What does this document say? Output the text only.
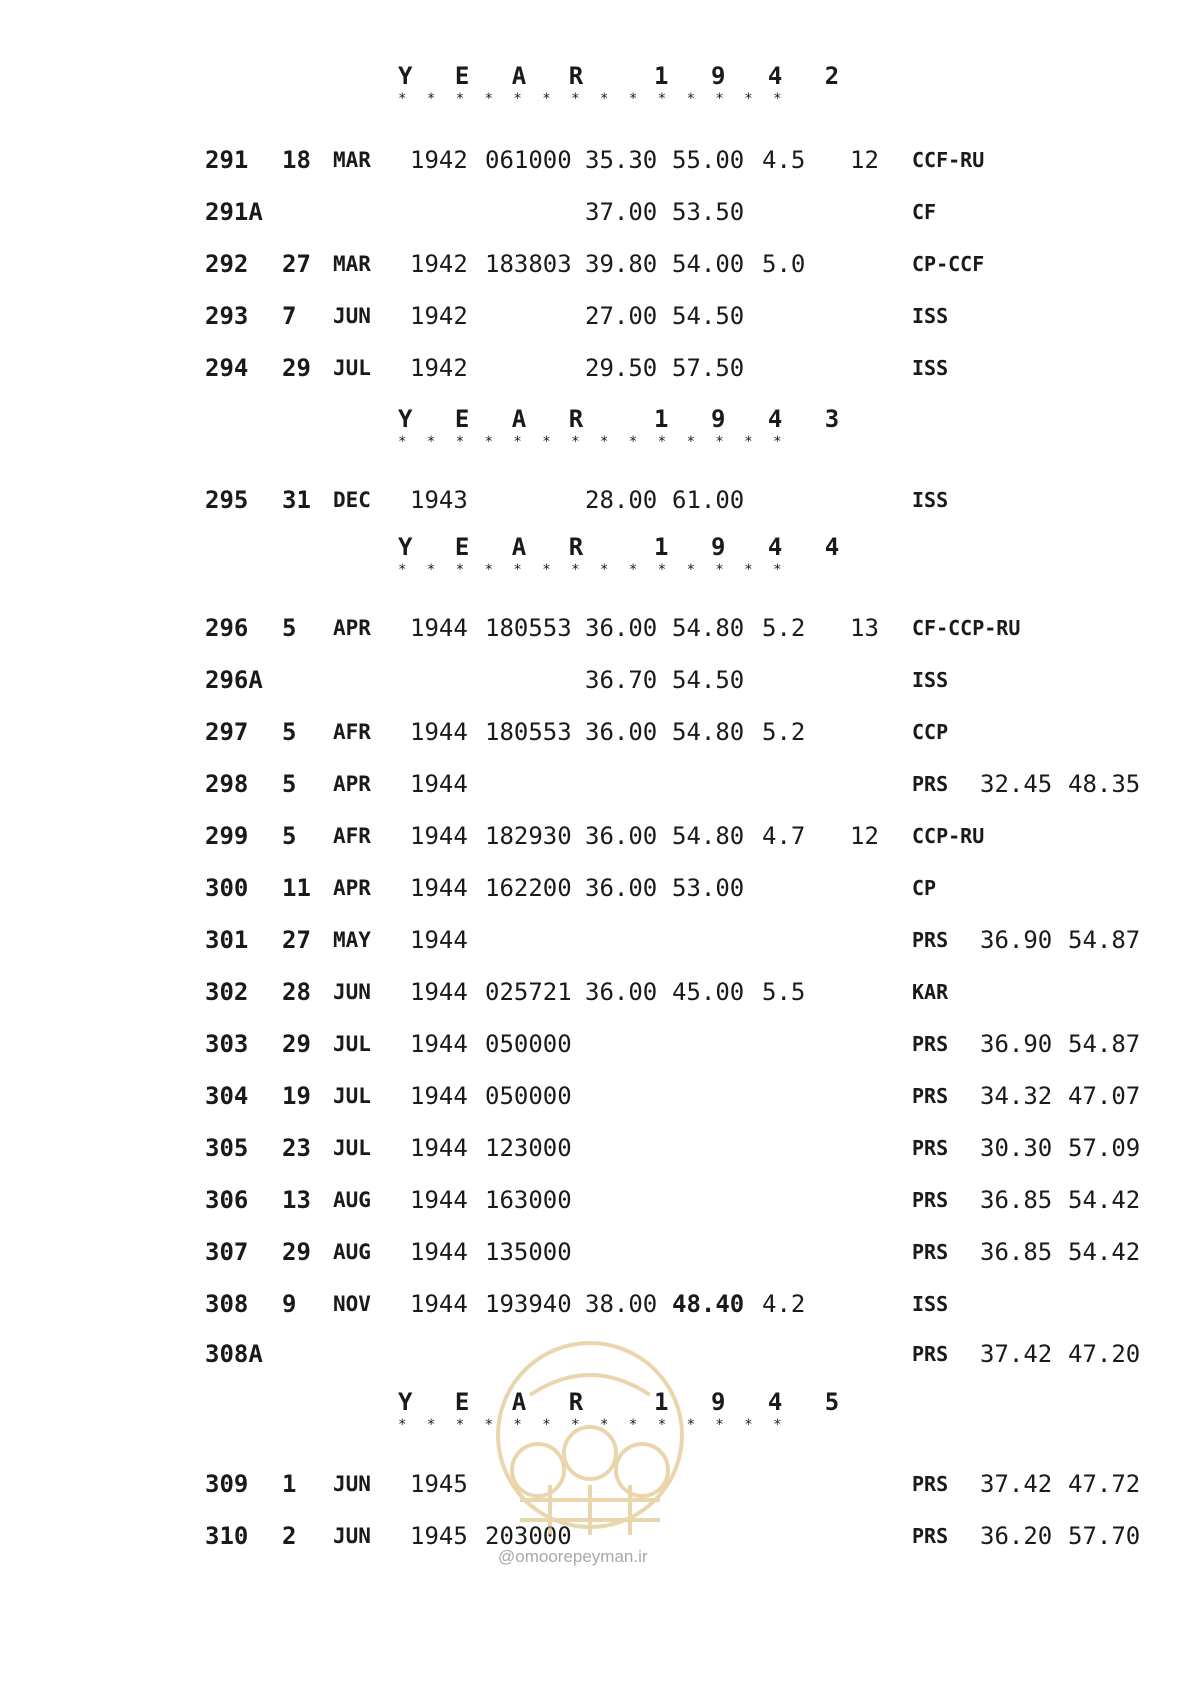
Y E A R  1 9 4 2
* * * * * * * * * * * * * *
291 18 MAR 1942 061000 35.30 55.00 4.5 12 CCF-RU
291A	37.00 53.50	CF
292 27 MAR 1942 183803 39.80 54.00 5.0	CP-CCF
293 7 JUN 1942	27.00 54.50	ISS
294 29 JUL 1942	29.50 57.50	ISS
Y E A R  1 9 4 3
* * * * * * * * * * * * * *
295 31 DEC 1943	28.00 61.00	ISS
Y E A R  1 9 4 4
* * * * * * * * * * * * * *
296 5 APR 1944 180553 36.00 54.80 5.2 13 CF-CCP-RU
296A	36.70 54.50	ISS
297 5 AFR 1944 180553 36.00 54.80 5.2	CCP
298 5 APR 1944	PRS 32.45 48.35
299 5 AFR 1944 182930 36.00 54.80 4.7 12 CCP-RU
300 11 APR 1944 162200 36.00 53.00	CP
301 27 MAY 1944	PRS 36.90 54.87
302 28 JUN 1944 025721 36.00 45.00 5.5	KAR
303 29 JUL 1944 050000	PRS 36.90 54.87
304 19 JUL 1944 050000	PRS 34.32 47.07
305 23 JUL 1944 123000	PRS 30.30 57.09
306 13 AUG 1944 163000	PRS 36.85 54.42
307 29 AUG 1944 135000	PRS 36.85 54.42
308 9 NOV 1944 193940 38.00 48.40 4.2	ISS
308A	PRS 37.42 47.20
Y E A R  1 9 4 5
* * * * * * * * * * * * * *
309 1 JUN 1945	PRS 37.42 47.72
310 2 JUN 1945 203000	PRS 36.20 57.70
@omoorepeyman.ir
